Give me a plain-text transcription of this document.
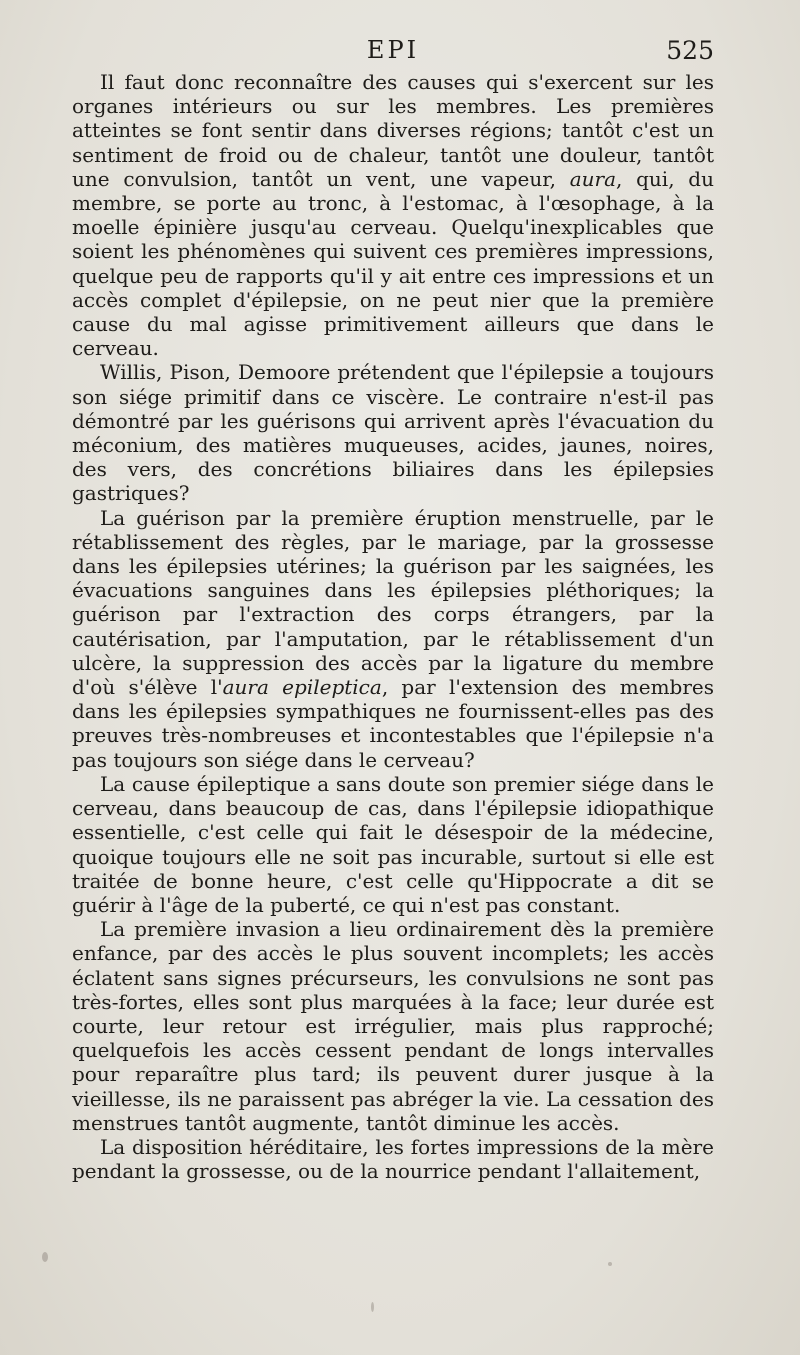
EPI	525

Il faut donc reconnaître des causes qui s'exercent sur les organes intérieurs ou sur les membres. Les premières atteintes se font sentir dans diverses régions; tantôt c'est un sentiment de froid ou de chaleur, tantôt une douleur, tantôt une convulsion, tantôt un vent, une vapeur, aura, qui, du membre, se porte au tronc, à l'estomac, à l'œsophage, à la moelle épinière jusqu'au cerveau. Quelqu'inexplicables que soient les phénomènes qui suivent ces premières impressions, quelque peu de rapports qu'il y ait entre ces impressions et un accès complet d'épilepsie, on ne peut nier que la première cause du mal agisse primitivement ailleurs que dans le cerveau.

Willis, Pison, Demoore prétendent que l'épilepsie a toujours son siége primitif dans ce viscère. Le contraire n'est-il pas démontré par les guérisons qui arrivent après l'évacuation du méconium, des matières muqueuses, acides, jaunes, noires, des vers, des concrétions biliaires dans les épilepsies gastriques?

La guérison par la première éruption menstruelle, par le rétablissement des règles, par le mariage, par la grossesse dans les épilepsies utérines; la guérison par les saignées, les évacuations sanguines dans les épilepsies pléthoriques; la guérison par l'extraction des corps étrangers, par la cautérisation, par l'amputation, par le rétablissement d'un ulcère, la suppression des accès par la ligature du membre d'où s'élève l'aura epileptica, par l'extension des membres dans les épilepsies sympathiques ne fournissent-elles pas des preuves très-nombreuses et incontestables que l'épilepsie n'a pas toujours son siége dans le cerveau?

La cause épileptique a sans doute son premier siége dans le cerveau, dans beaucoup de cas, dans l'épilepsie idiopathique essentielle, c'est celle qui fait le désespoir de la médecine, quoique toujours elle ne soit pas incurable, surtout si elle est traitée de bonne heure, c'est celle qu'Hippocrate a dit se guérir à l'âge de la puberté, ce qui n'est pas constant.

La première invasion a lieu ordinairement dès la première enfance, par des accès le plus souvent incomplets; les accès éclatent sans signes précurseurs, les convulsions ne sont pas très-fortes, elles sont plus marquées à la face; leur durée est courte, leur retour est irrégulier, mais plus rapproché; quelquefois les accès cessent pendant de longs intervalles pour reparaître plus tard; ils peuvent durer jusque à la vieillesse, ils ne paraissent pas abréger la vie. La cessation des menstrues tantôt augmente, tantôt diminue les accès.

La disposition héréditaire, les fortes impressions de la mère pendant la grossesse, ou de la nourrice pendant l'allaitement,
